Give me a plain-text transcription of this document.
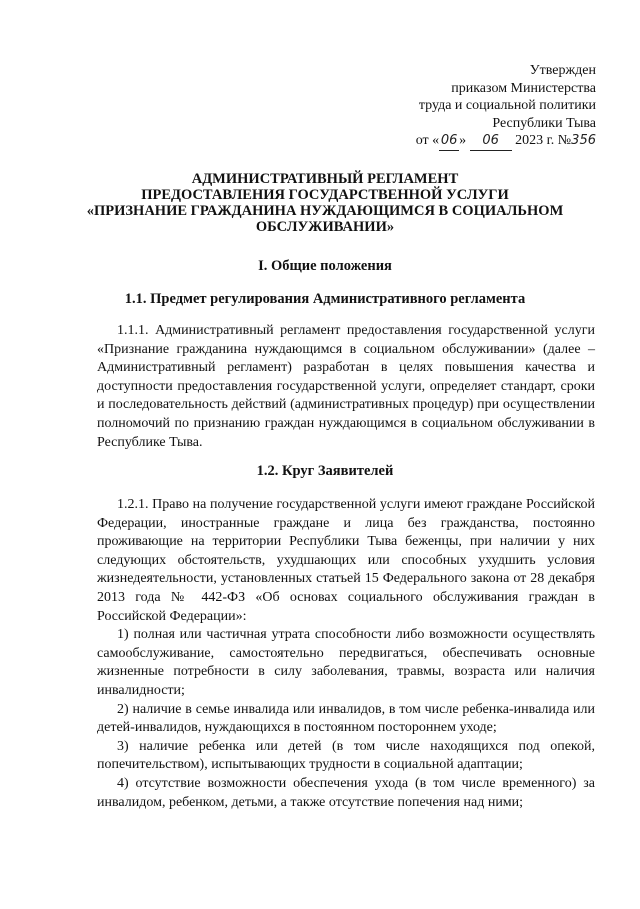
Утвержден
приказом Министерства
труда и социальной политики
Республики Тыва
от « 06 » 06 2023 г. №356
АДМИНИСТРАТИВНЫЙ РЕГЛАМЕНТ
ПРЕДОСТАВЛЕНИЯ ГОСУДАРСТВЕННОЙ УСЛУГИ
«ПРИЗНАНИЕ ГРАЖДАНИНА НУЖДАЮЩИМСЯ В СОЦИАЛЬНОМ
ОБСЛУЖИВАНИИ»
I. Общие положения
1.1. Предмет регулирования Административного регламента

1.1.1. Административный регламент предоставления государственной услуги «Признание гражданина нуждающимся в социальном обслуживании» (далее – Административный регламент) разработан в целях повышения качества и доступности предоставления государственной услуги, определяет стандарт, сроки и последовательность действий (административных процедур) при осуществлении полномочий по признанию граждан нуждающимся в социальном обслуживании в Республике Тыва.

1.2. Круг Заявителей

1.2.1. Право на получение государственной услуги имеют граждане Российской Федерации, иностранные граждане и лица без гражданства, постоянно проживающие на территории Республики Тыва беженцы, при наличии у них следующих обстоятельств, ухудшающих или способных ухудшить условия жизнедеятельности, установленных статьей 15 Федерального закона от 28 декабря 2013 года № 442-ФЗ «Об основах социального обслуживания граждан в Российской Федерации»:

1) полная или частичная утрата способности либо возможности осуществлять самообслуживание, самостоятельно передвигаться, обеспечивать основные жизненные потребности в силу заболевания, травмы, возраста или наличия инвалидности;

2) наличие в семье инвалида или инвалидов, в том числе ребенка-инвалида или детей-инвалидов, нуждающихся в постоянном постороннем уходе;

3) наличие ребенка или детей (в том числе находящихся под опекой, попечительством), испытывающих трудности в социальной адаптации;

4) отсутствие возможности обеспечения ухода (в том числе временного) за инвалидом, ребенком, детьми, а также отсутствие попечения над ними;
